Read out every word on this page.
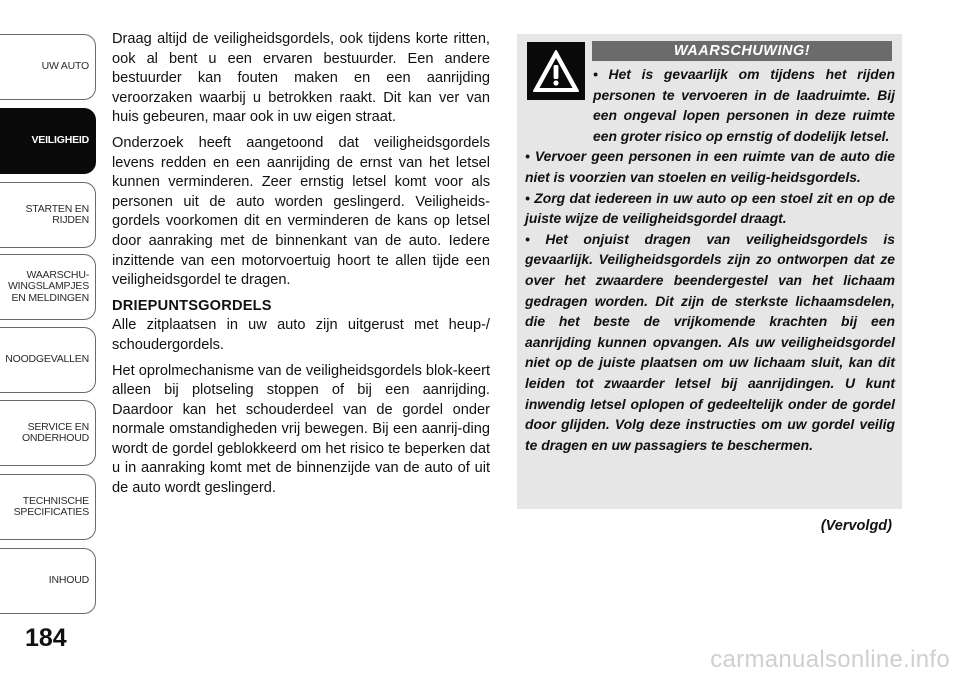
UW AUTO
VEILIGHEID
STARTEN EN
RIJDEN
WAARSCHU-
WINGSLAMPJES
EN MELDINGEN
NOODGEVALLEN
SERVICE EN
ONDERHOUD
TECHNISCHE
SPECIFICATIES
INHOUD
184

Draag altijd de veiligheidsgordels, ook tijdens korte ritten, ook al bent u een ervaren bestuurder. Een andere bestuurder kan fouten maken en een aanrijding veroorzaken waarbij u betrokken raakt. Dit kan ver van huis gebeuren, maar ook in uw eigen straat.

Onderzoek heeft aangetoond dat veiligheidsgordels levens redden en een aanrijding de ernst van het letsel kunnen verminderen. Zeer ernstig letsel komt voor als personen uit de auto worden geslingerd. Veiligheids-gordels voorkomen dit en verminderen de kans op letsel door aanraking met de binnenkant van de auto. Iedere inzittende van een motorvoertuig hoort te allen tijde een veiligheidsgordel te dragen.

DRIEPUNTSGORDELS

Alle zitplaatsen in uw auto zijn uitgerust met heup-/ schoudergordels.

Het oprolmechanisme van de veiligheidsgordels blok-keert alleen bij plotseling stoppen of bij een aanrijding. Daardoor kan het schouderdeel van de gordel onder normale omstandigheden vrij bewegen. Bij een aanrij-ding wordt de gordel geblokkeerd om het risico te beperken dat u in aanraking komt met de binnenzijde van de auto of uit de auto wordt geslingerd.

WAARSCHUWING!

• Het is gevaarlijk om tijdens het rijden personen te vervoeren in de laadruimte. Bij een ongeval lopen personen in deze ruimte een groter risico op ernstig of dodelijk letsel.

• Vervoer geen personen in een ruimte van de auto die niet is voorzien van stoelen en veilig-heidsgordels.

• Zorg dat iedereen in uw auto op een stoel zit en op de juiste wijze de veiligheidsgordel draagt.

• Het onjuist dragen van veiligheidsgordels is gevaarlijk. Veiligheidsgordels zijn zo ontworpen dat ze over het zwaardere beendergestel van het lichaam gedragen worden. Dit zijn de sterkste lichaamsdelen, die het beste de vrijkomende krachten bij een aanrijding kunnen opvangen. Als uw veiligheidsgordel niet op de juiste plaatsen om uw lichaam sluit, kan dit leiden tot zwaarder letsel bij aanrijdingen. U kunt inwendig letsel oplopen of gedeeltelijk onder de gordel door glijden. Volg deze instructies om uw gordel veilig te dragen en uw passagiers te beschermen.

(Vervolgd)
carmanualsonline.info
